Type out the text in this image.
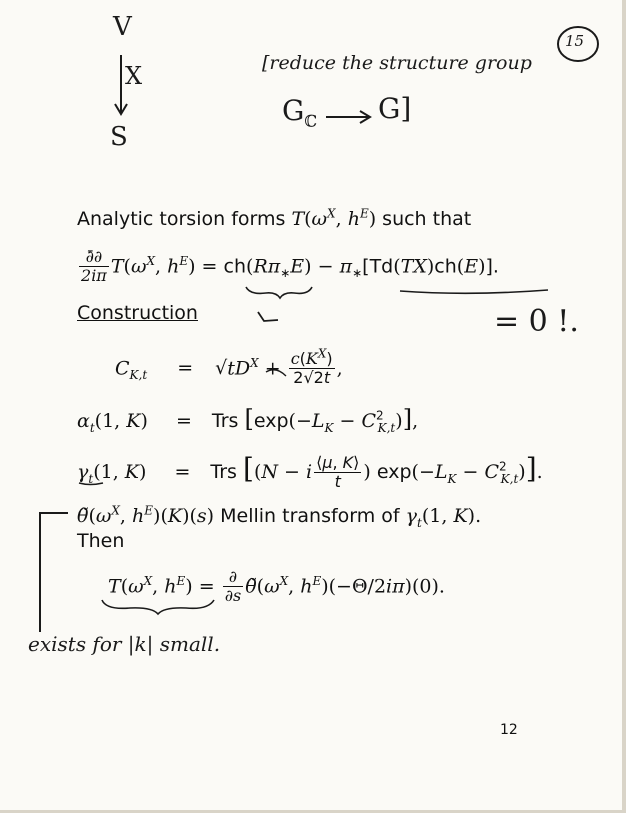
15
V
X
S
[reduce the structure group
$G_ℂ$ G]
= 0 !.
exists for |k| small.
Analytic torsion forms $T(\omega^X$, $h^E$) such that
$\frac{\partial̄\partial}{2i\pi} T(\omega^X$, $h^E) = ch(R\pi_∗E) - \pi_∗[Td(TX)ch(E)]$.
Construction
$C_{K,t} = √tD^X + \frac{c(K^X)}{2√2t}$ ,
$\alpha_t(1$, K) = Trs $[\exp(-L_K - C^2_{K,t})]$,
$\gamma_t(1$, K) = Trs [(N − i $\frac{⟨\mu, K⟩}{t}$ ) $\exp(-L_K - C^2_{K,t})$].
$\thetã(\omega^X$, $h^E)(K)(s)$ Mellin transform of $\gamma_t(1$, K).
Then
$T(\omega^X$, $h^E) = \frac{\partial}{\partial s}$ $\thetã(\omega^X$, $h^E)(-\Theta/2i\pi)(0)$.
12
